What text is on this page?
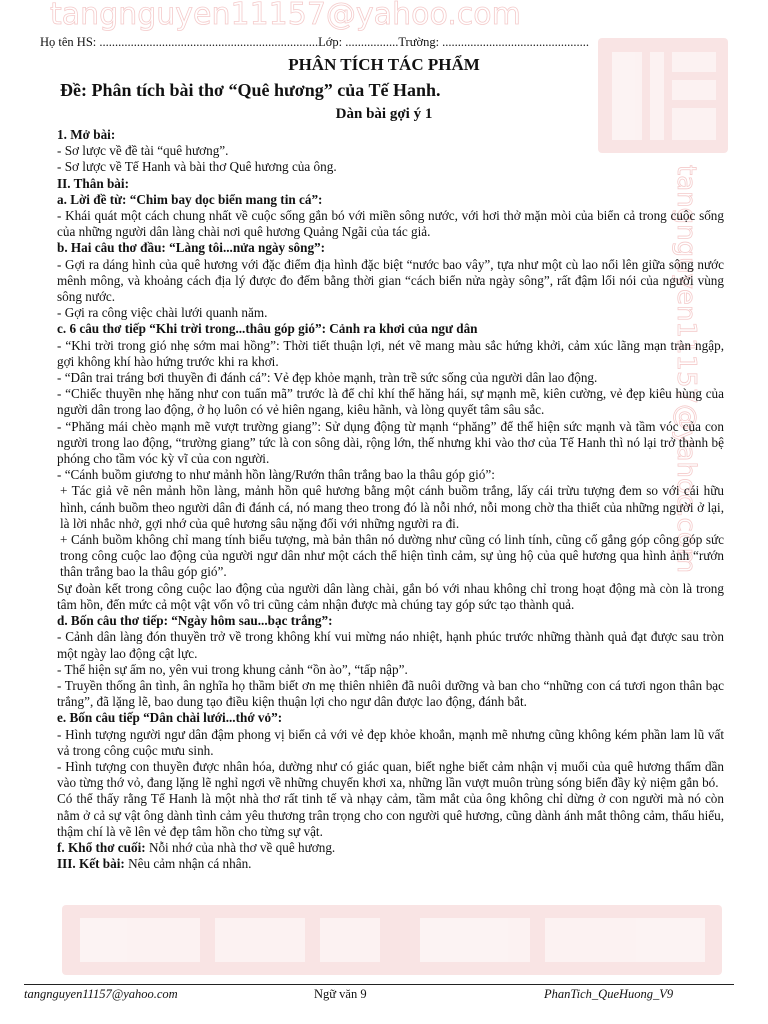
tangnguyen11157@yahoo.com
tangnguyen11157@yahoo.com
Họ tên HS: ......................................................................Lớp: .................Trường: ...............................................
PHÂN TÍCH TÁC PHẨM
Đề: Phân tích bài thơ “Quê hương” của Tế Hanh.
Dàn bài gợi ý 1

1. Mở bài:

- Sơ lược về đề tài “quê hương”.

- Sơ lược về Tế Hanh và bài thơ Quê hương của ông.

II. Thân bài:

a. Lời đề từ: “Chim bay dọc biển mang tin cá”:

- Khái quát một cách chung nhất về cuộc sống gắn bó với miền sông nước, với hơi thở mặn mòi của biển cả trong cuộc sống của những người dân làng chài nơi quê hương Quảng Ngãi của tác giả.

b. Hai câu thơ đầu: “Làng tôi...nửa ngày sông”:

- Gợi ra dáng hình của quê hương với đặc điểm địa hình đặc biệt “nước bao vây”, tựa như một cù lao nổi lên giữa sông nước mênh mông, và khoảng cách địa lý được đo đếm bằng thời gian “cách biển nửa ngày sông”, rất đậm lối nói của người vùng sông nước.

- Gợi ra công việc chài lưới quanh năm.

c. 6 câu thơ tiếp “Khi trời trong...thâu góp gió”: Cảnh ra khơi của ngư dân

- “Khi trời trong gió nhẹ sớm mai hồng”: Thời tiết thuận lợi, nét vẽ mang màu sắc hứng khởi, cảm xúc lãng mạn tràn ngập, gợi không khí hào hứng trước khi ra khơi.

- “Dân trai tráng bơi thuyền đi đánh cá”: Vẻ đẹp khỏe mạnh, tràn trề sức sống của người dân lao động.

- “Chiếc thuyền nhẹ hăng như con tuấn mã” trước là để chỉ khí thế hăng hái, sự mạnh mẽ, kiên cường, vẻ đẹp kiêu hùng của người dân trong lao động, ở họ luôn có vẻ hiên ngang, kiêu hãnh, và lòng quyết tâm sâu sắc.

- “Phăng mái chèo mạnh mẽ vượt trường giang”: Sử dụng động từ mạnh “phăng” để thể hiện sức mạnh và tầm vóc của con người trong lao động, “trường giang” tức là con sông dài, rộng lớn, thế nhưng khi vào thơ của Tế Hanh thì nó lại trở thành bệ phóng cho tầm vóc kỳ vĩ của con người.

- “Cánh buồm giương to như mảnh hồn làng/Rướn thân trắng bao la thâu góp gió”:

+ Tác giả vẽ nên mảnh hồn làng, mảnh hồn quê hương bằng một cánh buồm trắng, lấy cái trừu tượng đem so với cái hữu hình, cánh buồm theo người dân đi đánh cá, nó mang theo trong đó là nỗi nhớ, nỗi mong chờ tha thiết của những người ở lại, là lời nhắc nhở, gợi nhớ của quê hương sâu nặng đối với những người ra đi.

+ Cánh buồm không chỉ mang tính biểu tượng, mà bản thân nó dường như cũng có linh tính, cũng cố gắng góp công góp sức trong công cuộc lao động của người ngư dân như một cách thể hiện tình cảm, sự ủng hộ của quê hương qua hình ảnh “rướn thân trắng bao la thâu góp gió”.

Sự đoàn kết trong công cuộc lao động của người dân làng chài, gắn bó với nhau không chỉ trong hoạt động mà còn là trong tâm hồn, đến mức cả một vật vốn vô tri cũng cảm nhận được mà chúng tay góp sức tạo thành quả.

d. Bốn câu thơ tiếp: “Ngày hôm sau...bạc trắng”:

- Cảnh dân làng đón thuyền trở về trong không khí vui mừng náo nhiệt, hạnh phúc trước những thành quả đạt được sau tròn một ngày lao động cật lực.

- Thể hiện sự ấm no, yên vui trong khung cảnh “ồn ào”, “tấp nập”.

- Truyền thống ân tình, ân nghĩa họ thầm biết ơn mẹ thiên nhiên đã nuôi dưỡng và ban cho “những con cá tươi ngon thân bạc trắng”, đã lặng lẽ, bao dung tạo điều kiện thuận lợi cho ngư dân được lao động, đánh bắt.

e. Bốn câu tiếp “Dân chài lưới...thớ vỏ”:

- Hình tượng người ngư dân đậm phong vị biển cả với vẻ đẹp khỏe khoắn, mạnh mẽ nhưng cũng không kém phần lam lũ vất vả trong công cuộc mưu sinh.

- Hình tượng con thuyền được nhân hóa, dường như có giác quan, biết nghe biết cảm nhận vị muối của quê hương thấm dần vào từng thớ vỏ, đang lặng lẽ nghỉ ngơi về những chuyến khơi xa, những lần vượt muôn trùng sóng biển đầy kỷ niệm gắn bó.

Có thể thấy rằng Tế Hanh là một nhà thơ rất tinh tế và nhạy cảm, tầm mắt của ông không chỉ dừng ở con người mà nó còn nằm ở cả sự vật ông dành tình cảm yêu thương trân trọng cho con người quê hương, cũng dành ánh mắt thông cảm, thấu hiểu, thậm chí là vẽ lên vẻ đẹp tâm hồn cho từng sự vật.

f. Khổ thơ cuối: Nỗi nhớ của nhà thơ về quê hương.

III. Kết bài: Nêu cảm nhận cá nhân.

tangnguyen11157@yahoo.com	Ngữ văn 9	PhanTich_QueHuong_V9
